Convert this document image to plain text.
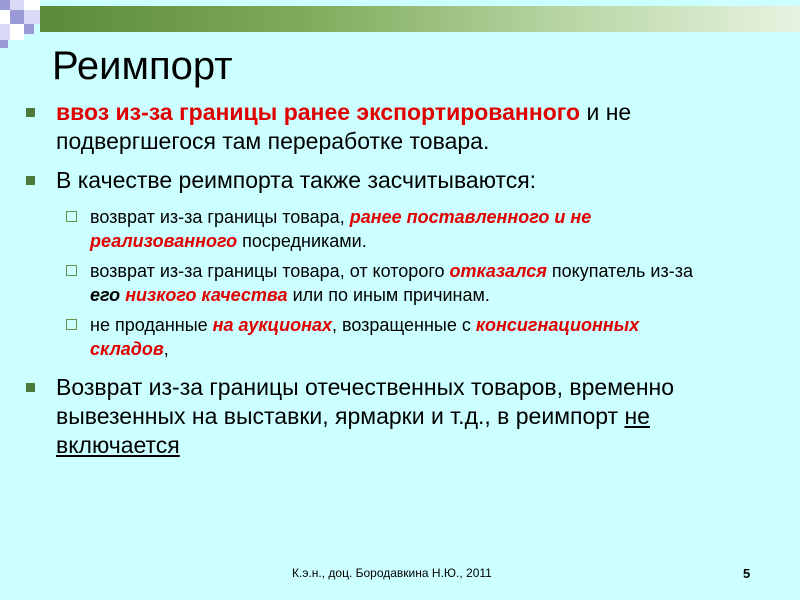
Реимпорт
ввоз из-за границы ранее экспортированного и не подвергшегося там переработке товара.
В качестве реимпорта также засчитываются:
возврат из-за границы товара, ранее поставленного и не реализованного посредниками.
возврат из-за границы товара, от которого отказался покупатель из-за его низкого качества или по иным причинам.
не проданные на аукционах, возращенные с консигнационных складов,
Возврат из-за границы отечественных товаров, временно вывезенных на выставки, ярмарки и т.д., в реимпорт не включается
К.э.н., доц. Бородавкина Н.Ю., 2011	5
